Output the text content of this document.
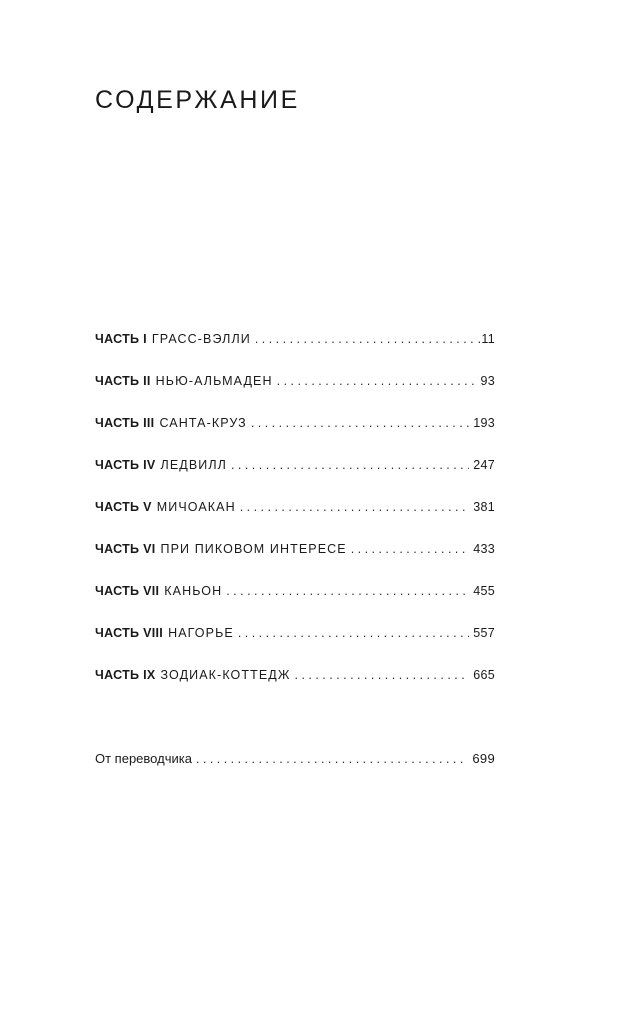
СОДЕРЖАНИЕ
ЧАСТЬ I ГРАСС-ВЭЛЛИ . . .	.11
ЧАСТЬ II НЬЮ-АЛЬМАДЕН . . .	93
ЧАСТЬ III САНТА-КРУЗ . . .	193
ЧАСТЬ IV ЛЕДВИЛЛ . . .	247
ЧАСТЬ V МИЧОАКАН . . .	381
ЧАСТЬ VI ПРИ ПИКОВОМ ИНТЕРЕСЕ . . .	433
ЧАСТЬ VII КАНЬОН . . .	455
ЧАСТЬ VIII НАГОРЬЕ . . .	557
ЧАСТЬ IX ЗОДИАК-КОТТЕДЖ . . .	665
От переводчика . . .	699
